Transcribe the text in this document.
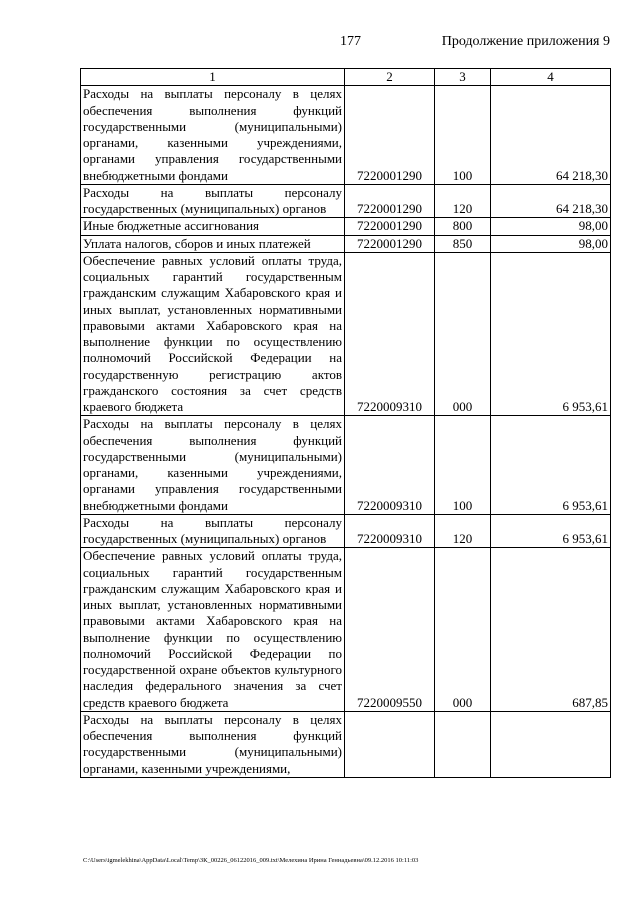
177	Продолжение приложения 9
1	2	3	4
Расходы на выплаты персоналу в целях обеспечения выполнения функций государственными (муниципальными) органами, казенными учреждениями, органами управления государственными внебюджетными фондами	7220001290	100	64 218,30
Расходы на выплаты персоналу государственных (муниципальных) органов	7220001290	120	64 218,30
Иные бюджетные ассигнования	7220001290	800	98,00
Уплата налогов, сборов и иных платежей	7220001290	850	98,00
Обеспечение равных условий оплаты труда, социальных гарантий государственным гражданским служащим Хабаровского края и иных выплат, установленных нормативными правовыми актами Хабаровского края на выполнение функции по осуществлению полномочий Российской Федерации на государственную регистрацию актов гражданского состояния за счет средств краевого бюджета	7220009310	000	6 953,61
Расходы на выплаты персоналу в целях обеспечения выполнения функций государственными (муниципальными) органами, казенными учреждениями, органами управления государственными внебюджетными фондами	7220009310	100	6 953,61
Расходы на выплаты персоналу государственных (муниципальных) органов	7220009310	120	6 953,61
Обеспечение равных условий оплаты труда, социальных гарантий государственным гражданским служащим Хабаровского края и иных выплат, установленных нормативными правовыми актами Хабаровского края на выполнение функции по осуществлению полномочий Российской Федерации по государственной охране объектов культурного наследия федерального значения за счет средств краевого бюджета	7220009550	000	687,85
Расходы на выплаты персоналу в целях обеспечения выполнения функций государственными (муниципальными) органами, казенными учреждениями,			
C:\Users\igmelekhina\AppData\Local\Temp\ЗК_00226_06122016_009.txt\Мелехина Ирина Геннадьевна\09.12.2016 10:11:03
